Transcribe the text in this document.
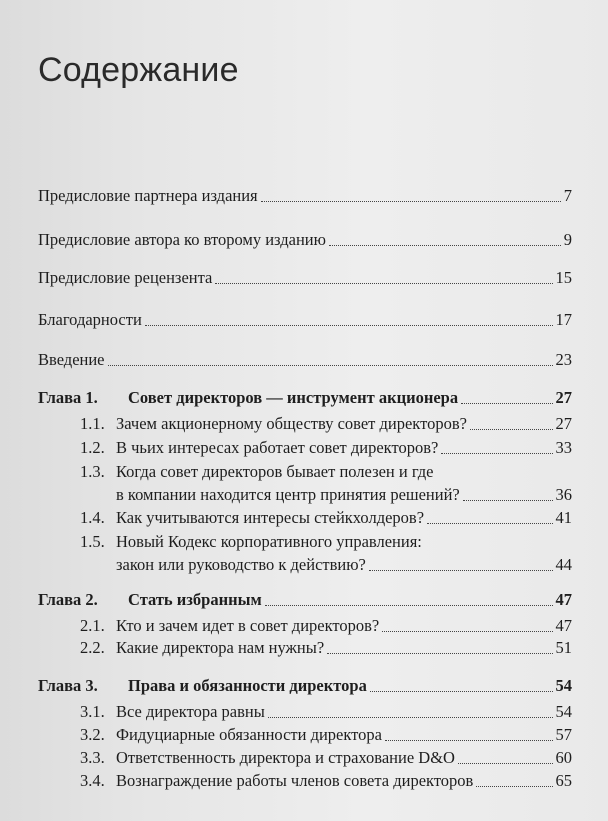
Содержание
Предисловие партнера издания	7
Предисловие автора ко второму изданию	9
Предисловие рецензента	15
Благодарности	17
Введение	23
Глава 1. Совет директоров — инструмент акционера	27
1.1. Зачем акционерному обществу совет директоров?	27
1.2. В чьих интересах работает совет директоров?	33
1.3. Когда совет директоров бывает полезен и где
в компании находится центр принятия решений?	36
1.4. Как учитываются интересы стейкхолдеров?	41
1.5. Новый Кодекс корпоративного управления:
закон или руководство к действию?	44
Глава 2. Стать избранным	47
2.1. Кто и зачем идет в совет директоров?	47
2.2. Какие директора нам нужны?	51
Глава 3. Права и обязанности директора	54
3.1. Все директора равны	54
3.2. Фидуциарные обязанности директора	57
3.3. Ответственность директора и страхование D&O	60
3.4. Вознаграждение работы членов совета директоров	65
